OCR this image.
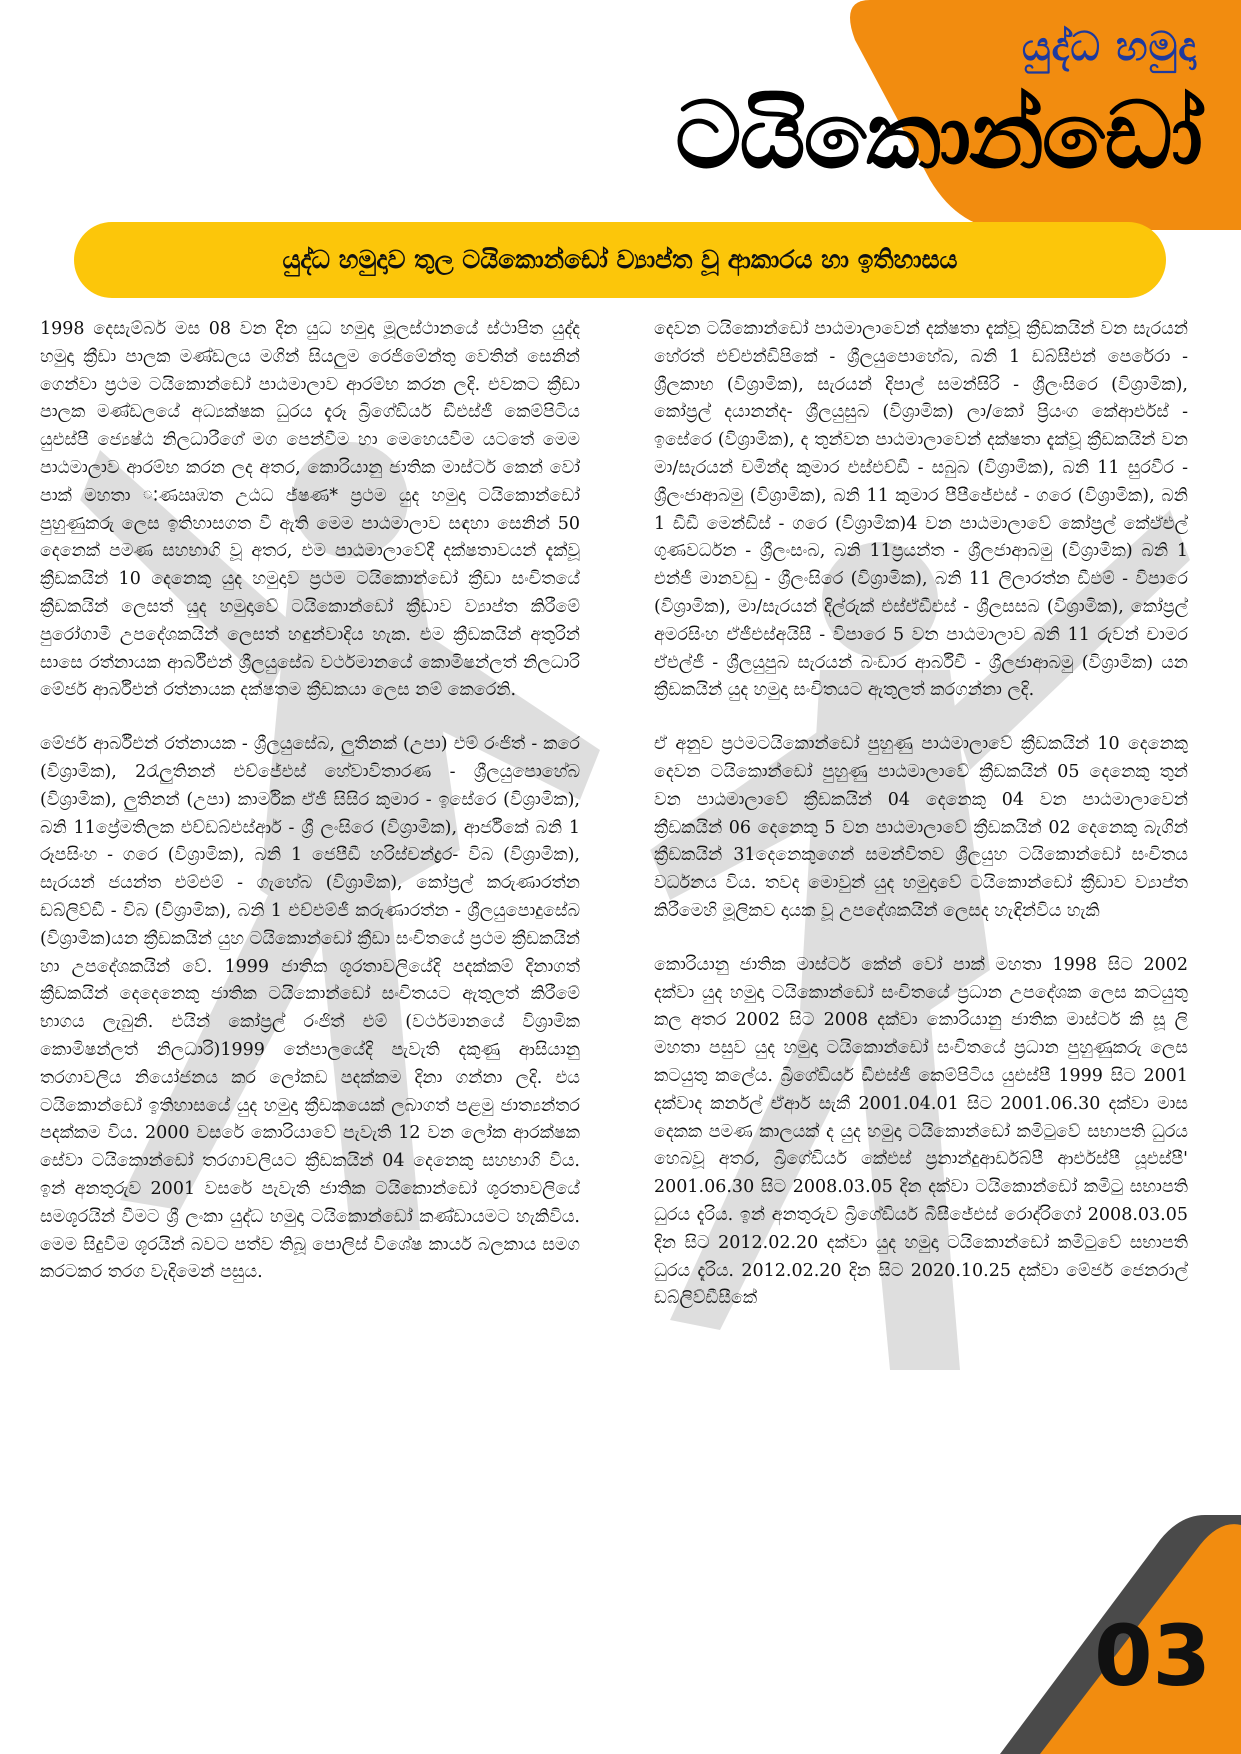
යුද්ධ හමුදා
ටයිකොන්ඩෝ
යුද්ධ හමුදාව තුල ටයිකොන්ඩෝ ව්‍යාප්ත වූ ආකාරය හා ඉතිහාසය

1998 දෙසැම්බර් මස 08 වන දින යුධ හමුදා මූලස්ථානයේ ස්ථාපිත යුද්ද හමුදා ක්‍රීඩා පාලක මණ්ඩලය මගින් සියලුම රෙජිමේන්තු වෙතින් සෙනින් ගෙන්වා ප්‍රථම ටයිකොන්ඩෝ පාඨමාලාව ආරම්භ කරන ලදි. එවකට ක්‍රීඩා පාලක මණ්ඩලයේ අධ්‍යක්ෂක ධුරය දැරූ බ්‍රිගේඩියර් ඩීඑස්ජී කෙම්පිටිය යුඑස්පී ජ්‍යෙෂ්ඨ නිලධාරීගේ මග පෙන්වීම හා මෙහෙයවීම යටතේ මෙම පාඨමාලාව ආරම්භ කරන ලද අතර, කොරියානු ජාතික මාස්ටර් කෙන් වෝ පාක් මහතා ៈණඍඹත උඨධ ජ්ෂණ* ප්‍රථම යුද හමුදා ටයිකොන්ඩෝ පුහුණුකරු ලෙස ඉතිහාසගත වී ඇති මෙම පාඨමාලාව සඳහා සෙනින් 50 දෙනෙක් පමණ සහභාගි වූ අතර, එම පාඨමාලාවේදී දක්ෂතාවයන් දැක්වූ ක්‍රීඩකයින් 10 දෙනෙකු යුද හමුදාව ප්‍රථම ටයිකොන්ඩෝ ක්‍රීඩා සංචිතයේ ක්‍රීඩකයින් ලෙසත් යුද හමුදාවේ ටයිකොන්ඩෝ ක්‍රීඩාව ව්‍යාප්ත කිරීමේ පුරෝගාමී උපදේශකයින් ලෙසත් හඳුන්වාදිය හැක. එම ක්‍රීඩකයින් අතුරින් සාසෙ රත්නායක ආර්බීඑන් ශ්‍රීලයුසේබ වර්ථමානයේ කොමිෂන්ලත් නිලධාරි මේජර් ආර්බීඑන් රත්නායක දක්ෂතම ක්‍රීඩකයා ලෙස නම් කෙරෙනි.

මේජර් ආර්බීඑන් රත්නායක - ශ්‍රීලයුසේබ, ලුතිනක් (උපා) එම් රංජිත් - කරෙ (විශ්‍රාමික), 2රැලුතිනන් එච්ජේඑස් හේවාවිතාරණ - ශ්‍රීලයුපොහේබ (විශ්‍රාමික), ලුතිනන් (උපා) කාර්මික ඒජී සිසිර කුමාර - ඉසේරෙ (විශ්‍රාමික), බනි 11ප්‍රේමතිලක එච්ඩබ්එස්ආර් - ශ්‍රී ලංසිරෙ (විශ්‍රාමික), ආර්ජීකේ බනි 1 රූපසිංහ - ගරෙ (විශ්‍රාමික), බනි 1 ජෙපීඩී හරිස්චන්ද්‍රර- විබ (විශ්‍රාමික), සැරයන් ජයන්ත එම්එම් - ගැහේබ (විශ්‍රාමික), කෝප්‍රල් කරුණාරත්න ඩබ්ලිව්ඩී - විබ (විශ්‍රාමික), බනි 1 එච්එම්ජී කරුණාරත්න - ශ්‍රීලයුපොදුසේබ (විශ්‍රාමික)යන ක්‍රීඩකයින් යුහ ටයිකොන්ඩෝ ක්‍රීඩා සංචිතයේ ප්‍රථම ක්‍රීඩකයින් හා උපදේශකයින් වේ. 1999 ජාතික ශූරතාවලියේදි පදක්කම් දිනාගත් ක්‍රීඩකයින් දෙදෙනෙකු ජාතික ටයිකොන්ඩෝ සංචිතයට ඇතුලත් කිරීමේ භාගය ලැබුනි. එයින් කෝප්‍රල් රංජිත් එම් (වර්ථමානයේ විශ්‍රාමික කොමිෂන්ලත් නිලධාරි)1999 නේපාලයේදි පැවැති දකුණු ආසියානු තරගාවලිය නියෝජනය කර ලෝකඩ පදක්කම දිනා ගන්නා ලදි. එය ටයිකොන්ඩෝ ඉතිහාසයේ යුද හමුදා ක්‍රීඩකයෙක් ලබාගත් පළමු ජාත්‍යන්තර පදක්කම විය. 2000 වසරේ කොරියාවේ පැවැති 12 වන ලෝක ආරක්ෂක සේවා ටයිකොන්ඩෝ තරගාවලියට ක්‍රීඩකයින් 04 දෙනෙකු සහභාගි විය. ඉන් අනතුරුව 2001 වසරේ පැවැති ජාතික ටයිකොන්ඩෝ ශූරතාවලියේ සමශූරයින් වීමට ශ්‍රී ලංකා යුද්ධ හමුදා ටයිකොන්ඩෝ කණ්ඩායමට හැකිවිය. මෙම සිදුවීම ශූරයින් බවට පත්ව තිබූ පොලිස් විශේෂ කාර්ය බලකාය සමග කරටකර තරග වැදිමෙන් පසුය.

දෙවන ටයිකොන්ඩෝ පාඨමාලාවෙන් දක්ෂතා දැක්වූ ක්‍රීඩකයින් වන සැරයන් හේරත් එච්එන්ඩිපිකේ - ශ්‍රීලයුපොහේබ, බනි 1 ඩබ්සීඑන් පෙරේරා - ශ්‍රීලකාභ (විශ්‍රාමික), සැරයන් දිපාල් සමන්සිරි - ශ්‍රීලංසිරෙ (විශ්‍රාමික), කෝප්‍රල් දයානන්ද- ශ්‍රීලයුසුබ (විශ්‍රාමික) ලා/කෝ ප්‍රියංග කේආර්එස් - ඉසේරෙ (විශ්‍රාමික), ද තුන්වන පාඨමාලාවෙන් දක්ෂතා දැක්වූ ක්‍රීඩකයින් වන මා/සැරයන් චමින්ද කුමාර එස්එච්ඩී - සබුබ (විශ්‍රාමික), බනි 11 සුරවීර - ශ්‍රීලංජාආබමු (විශ්‍රාමික), බනි 11 කුමාර පීපීජේඑස් - ගරෙ (විශ්‍රාමික), බනි 1 ඩීඩී මෙන්ඩිස් - ගරෙ (විශ්‍රාමික)4 වන පාඨමාලාවේ කෝප්‍රල් කේඒඑල් ගුණවර්ධන - ශ්‍රීලංසංබ, බනි 11ප්‍රයන්ත - ශ්‍රීලජාආබමු (විශ්‍රාමික) බනි 1 එන්ජී මානවඩු - ශ්‍රීලංසිරෙ (විශ්‍රාමික), බනි 11 ලිලාරත්න ඩීඑම් - විපාරෙ (විශ්‍රාමික), මා/සැරයන් දිල්රුක් එස්ඒඩීඑස් - ශ්‍රීලසසබ (විශ්‍රාමික), කෝප්‍රල් අමරසිංහ ඒජීඑස්අයිසී - විපාරෙ 5 වන පාඨමාලාව බනි 11 රුවන් චාමර ඒඑල්ජී - ශ්‍රීලයුපුබ සැරයන් බංඩාර ආර්බීචී - ශ්‍රීලජාආබමු (විශ්‍රාමික) යන ක්‍රීඩකයින් යුද හමුදා සංචිතයට ඇතුලත් කරගන්නා ලදි.

ඒ අනුව ප්‍රථමටයිකොන්ඩෝ පුහුණු පාඨමාලාවේ ක්‍රීඩකයින් 10 දෙනෙකු දෙවන ටයිකොන්ඩෝ පුහුණු පාඨමාලාවේ ක්‍රීඩකයින් 05 දෙනෙකු තුන් වන පාඨමාලාවේ ක්‍රීඩකයින් 04 දෙනෙකු 04 වන පාඨමාලාවෙන් ක්‍රීඩකයින් 06 දෙනෙකු 5 වන පාඨමාලාවේ ක්‍රීඩකයින් 02 දෙනෙකු බැගින් ක්‍රීඩකයින් 31දෙනෙකුගෙන් සමන්විතව ශ්‍රීලයුහ ටයිකොන්ඩෝ සංචිතය වර්ධනය විය. තවද මොවුන් යුද හමුදාවේ ටයිකොන්ඩෝ ක්‍රීඩාව ව්‍යාප්ත කිරීමෙහි මූලිකව දායක වූ උපදේශකයින් ලෙසද හැඳින්විය හැකි

කොරියානු ජාතික මාස්ටර් කේන් වෝ පාක් මහතා 1998 සිට 2002 දක්වා යුද හමුදා ටයිකොන්ඩෝ සංචිතයේ ප්‍රධාන උපදේශක ලෙස කටයුතු කල අතර 2002 සිට 2008 දක්වා කොරියානු ජාතික මාස්ටර් කි සූ ලි මහතා පසුව යුද හමුදා ටයිකොන්ඩෝ සංචිතයේ ප්‍රධාන පුහුණුකරු ලෙස කටයුතු කලේය. බ්‍රිගේඩියර් ඩීඑස්ජී කෙම්පිටිය යුඑස්පී 1999 සිට 2001 දක්වාද කර්නල් ඒආර් සැකී 2001.04.01 සිට 2001.06.30 දක්වා මාස දෙකක පමණ කාලයක් ද යුද හමුදා ටයිකොන්ඩෝ කමිටුවේ සභාපති ධුරය හෙබවූ අතර, බ්‍රිගේඩියර් කේඑස් ප්‍රනාන්දුආර්ඩබ්පී ආර්එස්පී යූඑස්පී' 2001.06.30 සිට 2008.03.05 දින දක්වා ටයිකොන්ඩෝ කමිටු සභාපති ධුරය දැරිය. ඉන් අනතුරුව බ්‍රිගේඩියර් බීසීජේඑස් රොද්රිගෝ 2008.03.05 දින සිට 2012.02.20 දක්වා යුද හමුදා ටයිකොන්ඩෝ කමිටුවේ සභාපති ධුරය දැරිය. 2012.02.20 දින සිට 2020.10.25 දක්වා මේජර් ජෙනරාල් ඩබ්ලිව්ඩීසීකේ

03
